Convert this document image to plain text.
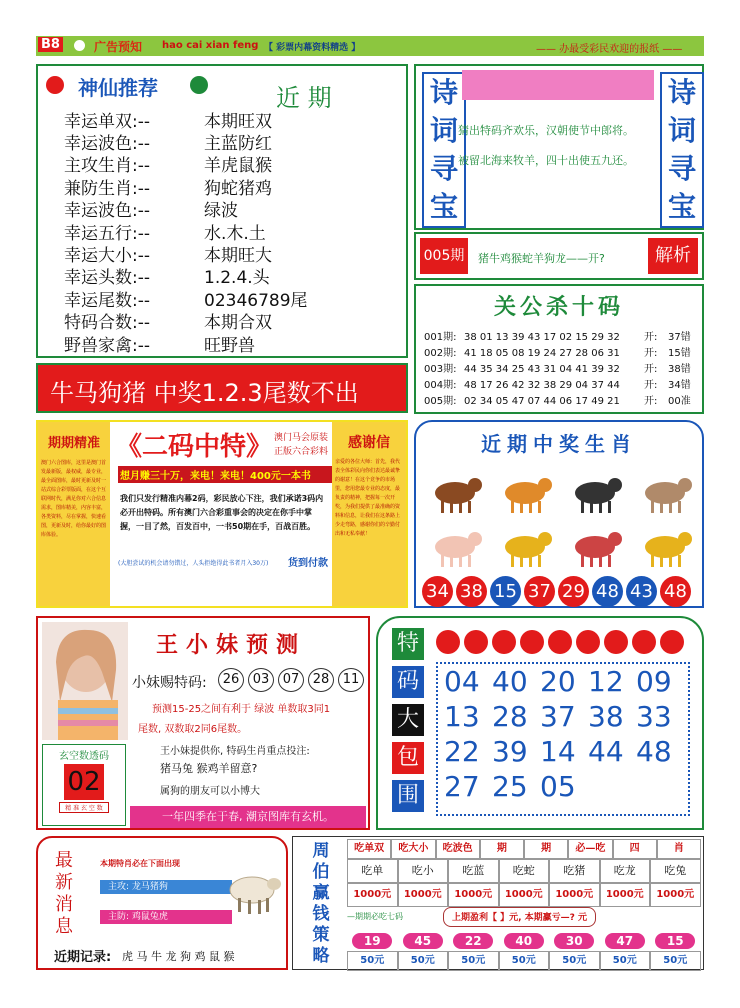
B8	广告预知 hao cai xian feng 【 彩票内幕资料精选 】	—— 办最受彩民欢迎的报纸 ——
神仙推荐	近 期
幸运单双:--	本期旺双
幸运波色:--	主蓝防红
主攻生肖:--	羊虎鼠猴
兼防生肖:--	狗蛇猪鸡
幸运波色:--	绿波
幸运五行:--	水.木.土
幸运大小:--	本期旺大
幸运头数:--	1.2.4.头
幸运尾数:--	02346789尾
特码合数:--	本期合双
野兽家禽:--	旺野兽
牛马狗猪 中奖1.2.3尾数不出
诗
词
寻
宝
猜出特码齐欢乐，汉朝使节中郎将。
被留北海来牧羊，四十出使五九还。
诗
词
寻
宝
005期	猪牛鸡猴蛇羊狗龙——开?	解析
关公杀十码
001期: 38 01 13 39 43 17 02 15 29 32	开:	37错
002期: 41 18 05 08 19 24 27 28 06 31	开:	15错
003期: 44 35 34 25 43 31 04 41 39 32	开:	38错
004期: 48 17 26 42 32 38 29 04 37 44	开:	34错
005期: 02 34 05 47 07 44 06 17 49 21	开:	00准
期期精准
澳门六合图库，这里是澳门首发最新版，最权威，最专业，最全面图库，最时更新及时一站式综合彩票版面，在这个互联网时代，满足你对六合信息需求，图库精美，内容丰富，各类资料，尽在掌握，快速看图，更新及时，给你最好的图库体验。
《二码中特》 澳门马会原装
正版六合彩料
想月赚三十万，来电！来电！400元一本书
我们只发行精准内幕2码，彩民放心下注，我们承诺3码内必开出特码。所有澳门六合彩重事会的决定在你手中掌握，一目了然，百发百中，一书50期在手，百战百胜。
(大胆尝试的机会请勿错过，人头拒绝得此书者月入30万) 货到付款
感谢信
亲爱的各位大师：首先，我代表全体彩民向你们表达最诚挚的谢意！在这个竞争的市场里，您用您最专业的态度，最负责的精神，把握每一次开奖，为我们提供了最准确的资料和信息，让我们在这条路上少走弯路，感谢你们的辛勤付出和无私奉献！
近期中奖生肖
34 38 15 37 29 48 43 48
王小妹预测
小妹赐特码:	26	03	07	28	11
预测15-25之间有利于 绿波 单数取3同1
尾数, 双数取2同6尾数。
王小妹提供你, 特码生肖重点投注:
猪马兔 猴鸡羊留意?
属狗的朋友可以小博大
玄空数透码
02
精 准 玄 空 数
一年四季在于春, 潮京图库有玄机。
特
码
大
包
围
04 40 20 12 09
13 28 37 38 33
22 39 14 44 48
27 25 05
最
新
消
息
本期特肖必在下面出现
主攻: 龙马猪狗
主防: 鸡鼠兔虎
近期记录: 虎 马 牛 龙 狗 鸡 鼠 猴
周
伯
赢
钱
策
略
吃单双	吃大小	吃波色	期	期	必—吃	四	肖
吃单	吃小	吃蓝	吃蛇	吃猪	吃龙	吃兔
1000元	1000元	1000元	1000元	1000元	1000元	1000元
—期期必吃七码	上期盈利【 】元, 本期赢亏—? 元
19	45	22	40	30	47	15
50元	50元	50元	50元	50元	50元	50元
